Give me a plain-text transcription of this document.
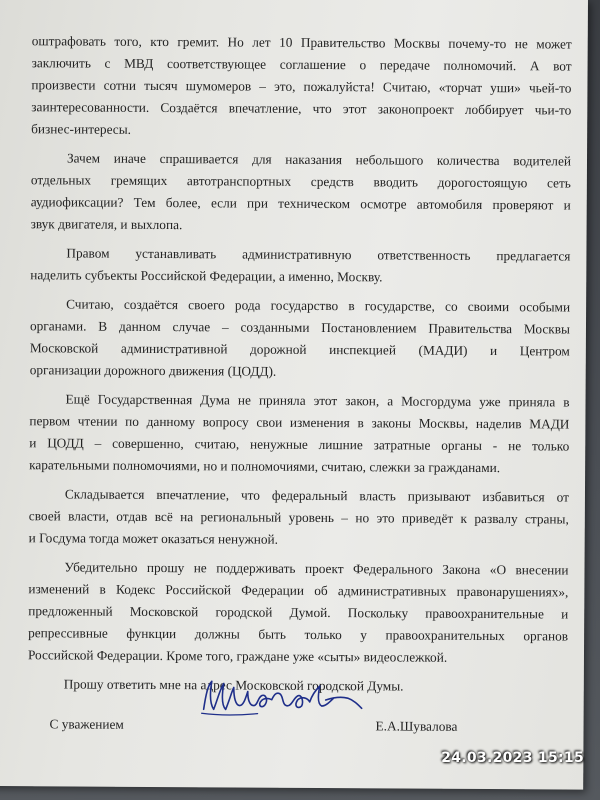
оштрафовать того, кто гремит. Но лет 10 Правительство Москвы почему-то не может
заключить с МВД соответствующее соглашение о передаче полномочий. А вот
произвести сотни тысяч шумомеров – это, пожалуйста! Считаю, «торчат уши» чьей-то
заинтересованности. Создаётся впечатление, что этот законопроект лоббирует чьи-то
бизнес-интересы.
Зачем иначе спрашивается для наказания небольшого количества водителей
отдельных гремящих автотранспортных средств вводить дорогостоящую сеть
аудиофиксации? Тем более, если при техническом осмотре автомобиля проверяют и
звук двигателя, и выхлопа.
Правом устанавливать административную ответственность предлагается
наделить субъекты Российской Федерации, а именно, Москву.
Считаю, создаётся своего рода государство в государстве, со своими особыми
органами. В данном случае – созданными Постановлением Правительства Москвы
Московской административной дорожной инспекцией (МАДИ) и Центром
организации дорожного движения (ЦОДД).
Ещё Государственная Дума не приняла этот закон, а Мосгордума уже приняла в
первом чтении по данному вопросу свои изменения в законы Москвы, наделив МАДИ
и ЦОДД – совершенно, считаю, ненужные лишние затратные органы - не только
карательными полномочиями, но и полномочиями, считаю, слежки за гражданами.
Складывается впечатление, что федеральный власть призывают избавиться от
своей власти, отдав всё на региональный уровень – но это приведёт к развалу страны,
и Госдума тогда может оказаться ненужной.
Убедительно прошу не поддерживать проект Федерального Закона «О внесении
изменений в Кодекс Российской Федерации об административных правонарушениях»,
предложенный Московской городской Думой. Поскольку правоохранительные и
репрессивные функции должны быть только у правоохранительных органов
Российской Федерации. Кроме того, граждане уже «сыты» видеослежкой.
Прошу ответить мне на адрес Московской городской Думы.
С уважением	Е.А.Шувалова
24.03.2023 15:15
